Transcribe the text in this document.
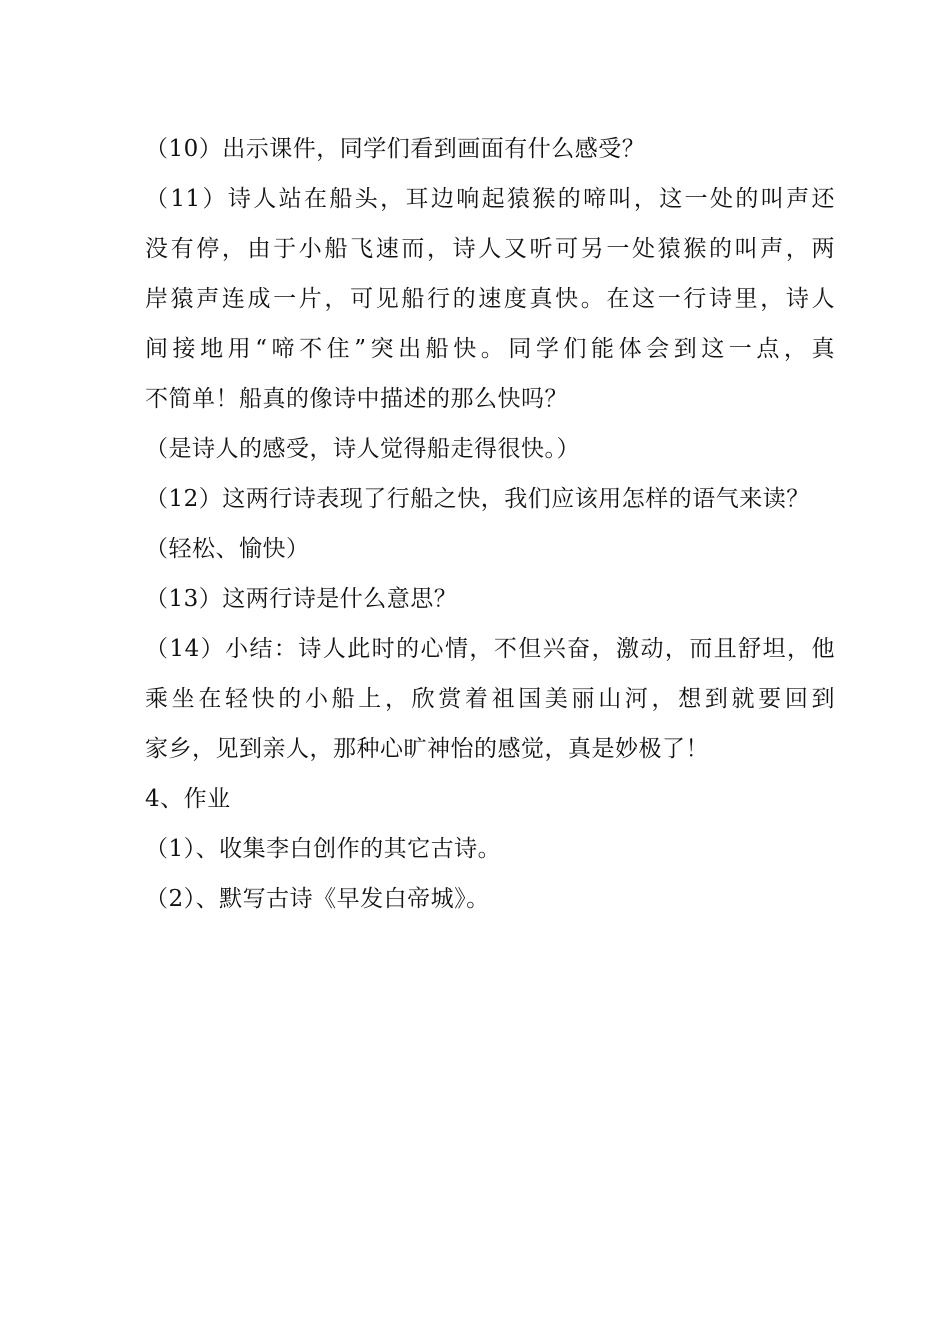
（10）出示课件，同学们看到画面有什么感受？
（11）诗人站在船头，耳边响起猿猴的啼叫，这一处的叫声还
没有停，由于小船飞速而，诗人又听可另一处猿猴的叫声，两
岸猿声连成一片，可见船行的速度真快。在这一行诗里，诗人
间接地用“啼不住”突出船快。同学们能体会到这一点，真
不简单！船真的像诗中描述的那么快吗？
（是诗人的感受，诗人觉得船走得很快。）
（12）这两行诗表现了行船之快，我们应该用怎样的语气来读？
（轻松、愉快）
（13）这两行诗是什么意思？
（14）小结：诗人此时的心情，不但兴奋，激动，而且舒坦，他
乘坐在轻快的小船上，欣赏着祖国美丽山河，想到就要回到
家乡，见到亲人，那种心旷神怡的感觉，真是妙极了！
4、作业
（1）、收集李白创作的其它古诗。
（2）、默写古诗《早发白帝城》。
